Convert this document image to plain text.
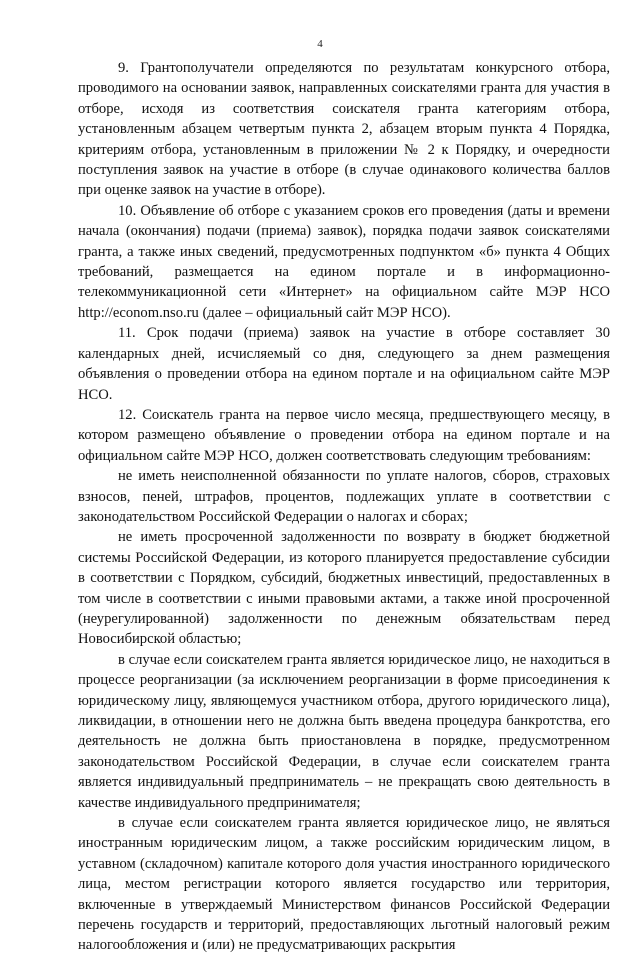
4

9. Грантополучатели определяются по результатам конкурсного отбора, проводимого на основании заявок, направленных соискателями гранта для участия в отборе, исходя из соответствия соискателя гранта категориям отбора, установленным абзацем четвертым пункта 2, абзацем вторым пункта 4 Порядка, критериям отбора, установленным в приложении № 2 к Порядку, и очередности поступления заявок на участие в отборе (в случае одинакового количества баллов при оценке заявок на участие в отборе).

10. Объявление об отборе с указанием сроков его проведения (даты и времени начала (окончания) подачи (приема) заявок), порядка подачи заявок соискателями гранта, а также иных сведений, предусмотренных подпунктом «б» пункта 4 Общих требований, размещается на едином портале и в информационно-телекоммуникационной сети «Интернет» на официальном сайте МЭР НСО http://econom.nso.ru (далее – официальный сайт МЭР НСО).

11. Срок подачи (приема) заявок на участие в отборе составляет 30 календарных дней, исчисляемый со дня, следующего за днем размещения объявления о проведении отбора на едином портале и на официальном сайте МЭР НСО.

12. Соискатель гранта на первое число месяца, предшествующего месяцу, в котором размещено объявление о проведении отбора на едином портале и на официальном сайте МЭР НСО, должен соответствовать следующим требованиям:

не иметь неисполненной обязанности по уплате налогов, сборов, страховых взносов, пеней, штрафов, процентов, подлежащих уплате в соответствии с законодательством Российской Федерации о налогах и сборах;

не иметь просроченной задолженности по возврату в бюджет бюджетной системы Российской Федерации, из которого планируется предоставление субсидии в соответствии с Порядком, субсидий, бюджетных инвестиций, предоставленных в том числе в соответствии с иными правовыми актами, а также иной просроченной (неурегулированной) задолженности по денежным обязательствам перед Новосибирской областью;

в случае если соискателем гранта является юридическое лицо, не находиться в процессе реорганизации (за исключением реорганизации в форме присоединения к юридическому лицу, являющемуся участником отбора, другого юридического лица), ликвидации, в отношении него не должна быть введена процедура банкротства, его деятельность не должна быть приостановлена в порядке, предусмотренном законодательством Российской Федерации, в случае если соискателем гранта является индивидуальный предприниматель – не прекращать свою деятельность в качестве индивидуального предпринимателя;

в случае если соискателем гранта является юридическое лицо, не являться иностранным юридическим лицом, а также российским юридическим лицом, в уставном (складочном) капитале которого доля участия иностранного юридического лица, местом регистрации которого является государство или территория, включенные в утверждаемый Министерством финансов Российской Федерации перечень государств и территорий, предоставляющих льготный налоговый режим налогообложения и (или) не предусматривающих раскрытия
